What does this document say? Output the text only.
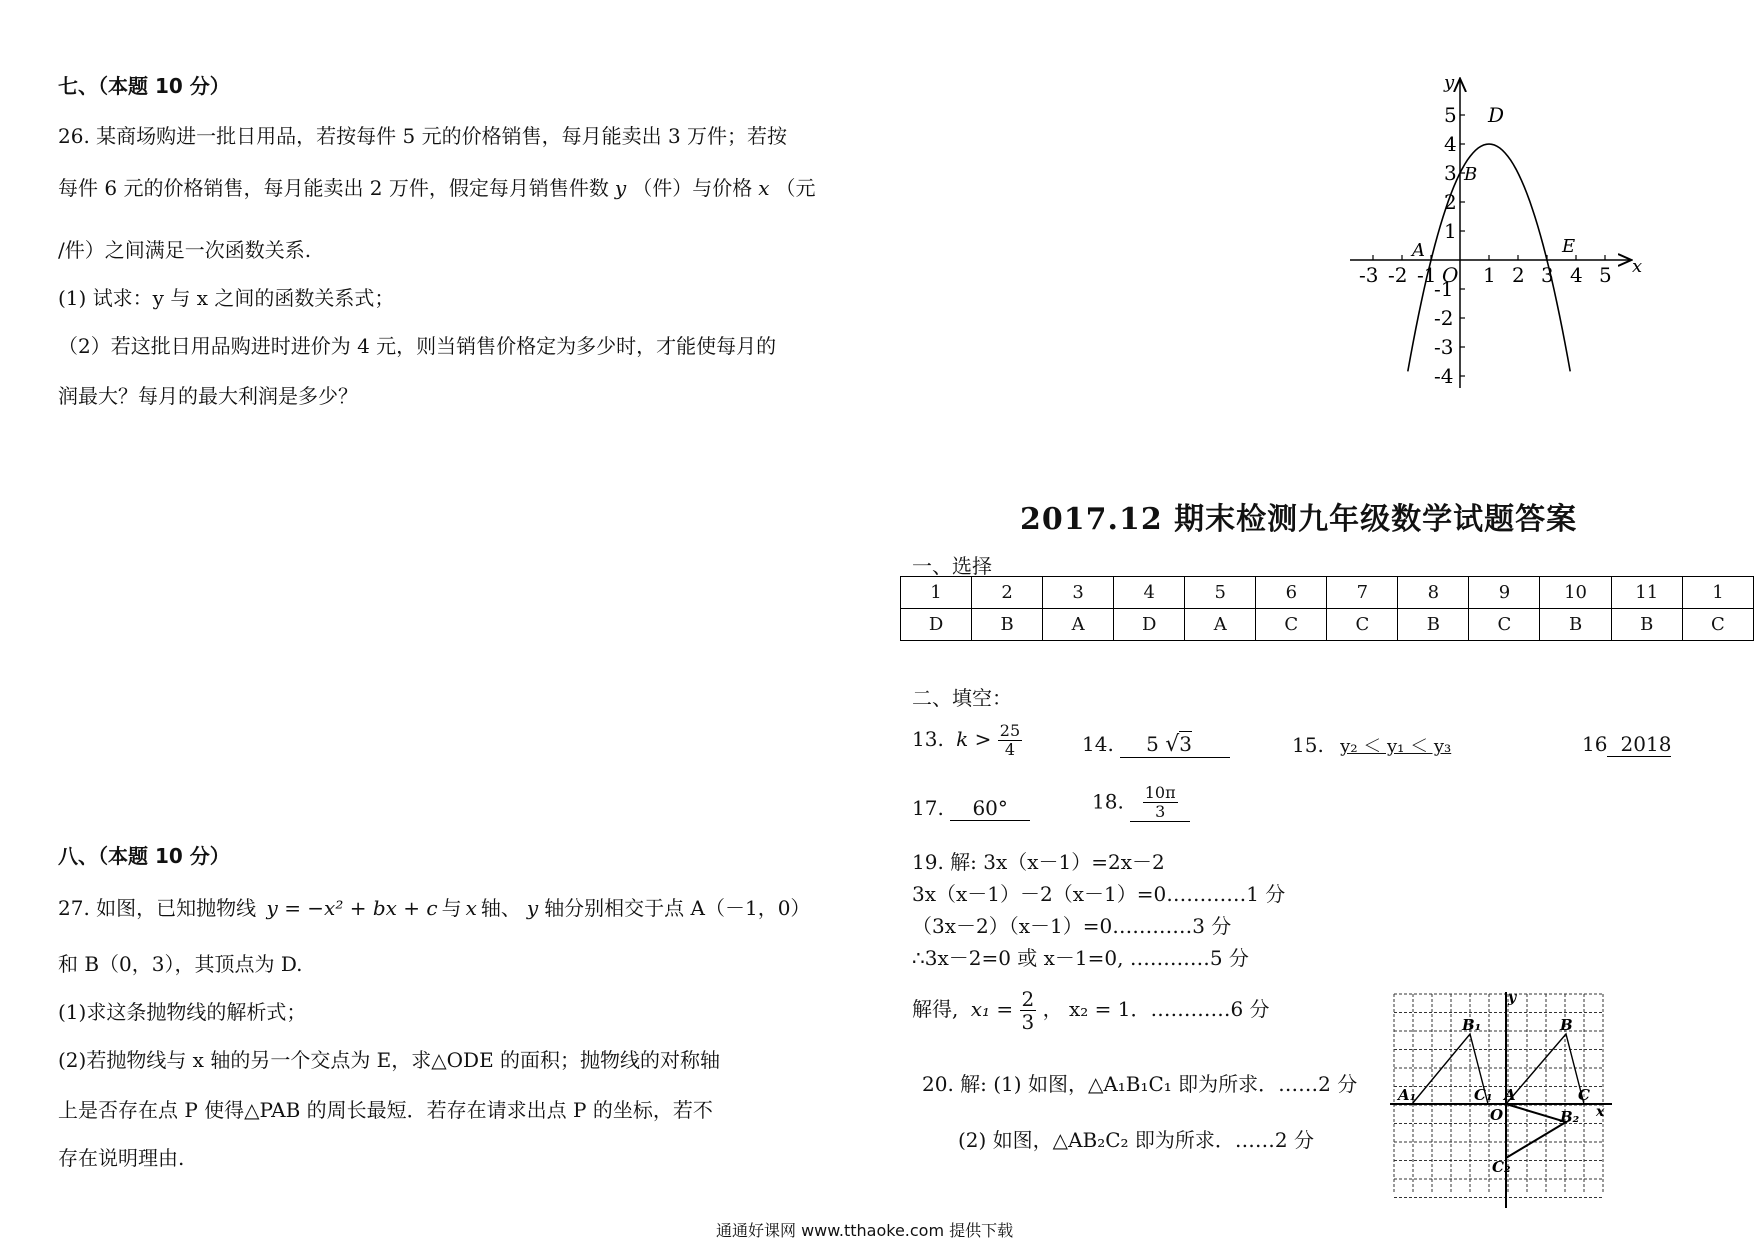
七、（本题 10 分）
26. 某商场购进一批日用品，若按每件 5 元的价格销售，每月能卖出 3 万件；若按
每件 6 元的价格销售，每月能卖出 2 万件，假定每月销售件数 y （件）与价格 x （元
/件）之间满足一次函数关系.
(1) 试求：y 与 x 之间的函数关系式；
（2）若这批日用品购进时进价为 4 元，则当销售价格定为多少时，才能使每月的
润最大？每月的最大利润是多少？
八、（本题 10 分）
27. 如图，已知抛物线 y = −x² + bx + c 与 x 轴、 y 轴分别相交于点 A（－1，0）
和 B（0，3），其顶点为 D.
(1)求这条抛物线的解析式；
(2)若抛物线与 x 轴的另一个交点为 E，求△ODE 的面积；抛物线的对称轴
上是否存在点 P 使得△PAB 的周长最短．若存在请求出点 P 的坐标，若不
存在说明理由.
-3 -2 -1 1 2 3 4 5
5
4
3
2
1
-1
-2
-3
-4
x
y
O
A
B
D
E
2017.12 期末检测九年级数学试题答案
一、选择
1	2	3	4	5	6	7	8	9	10	11	1
D	B	A	D	A	C	C	B	C	B	B	C
二、填空：
13. $k > \frac{25}{4}$	14. 5 √3	15. y₂ ＜ y₁ ＜ y₃	16 2018
17. 60°	18. $\frac{10\pi}{3}$
19. 解: 3x（x－1）=2x－2
3x（x－1）－2（x－1）=0…………1 分
（3x－2）（x－1）=0…………3 分
∴3x－2=0 或 x－1=0, …………5 分
解得, $x_1 = \frac{2}{3}$ ， x₂ = 1．…………6 分
20. 解: (1) 如图，△A₁B₁C₁ 即为所求．……2 分
(2) 如图，△AB₂C₂ 即为所求．……2 分
y
x
O
A₁
B₁
C₁ A
B
C
B₂
C₂
通通好课网 www.tthaoke.com 提供下载
